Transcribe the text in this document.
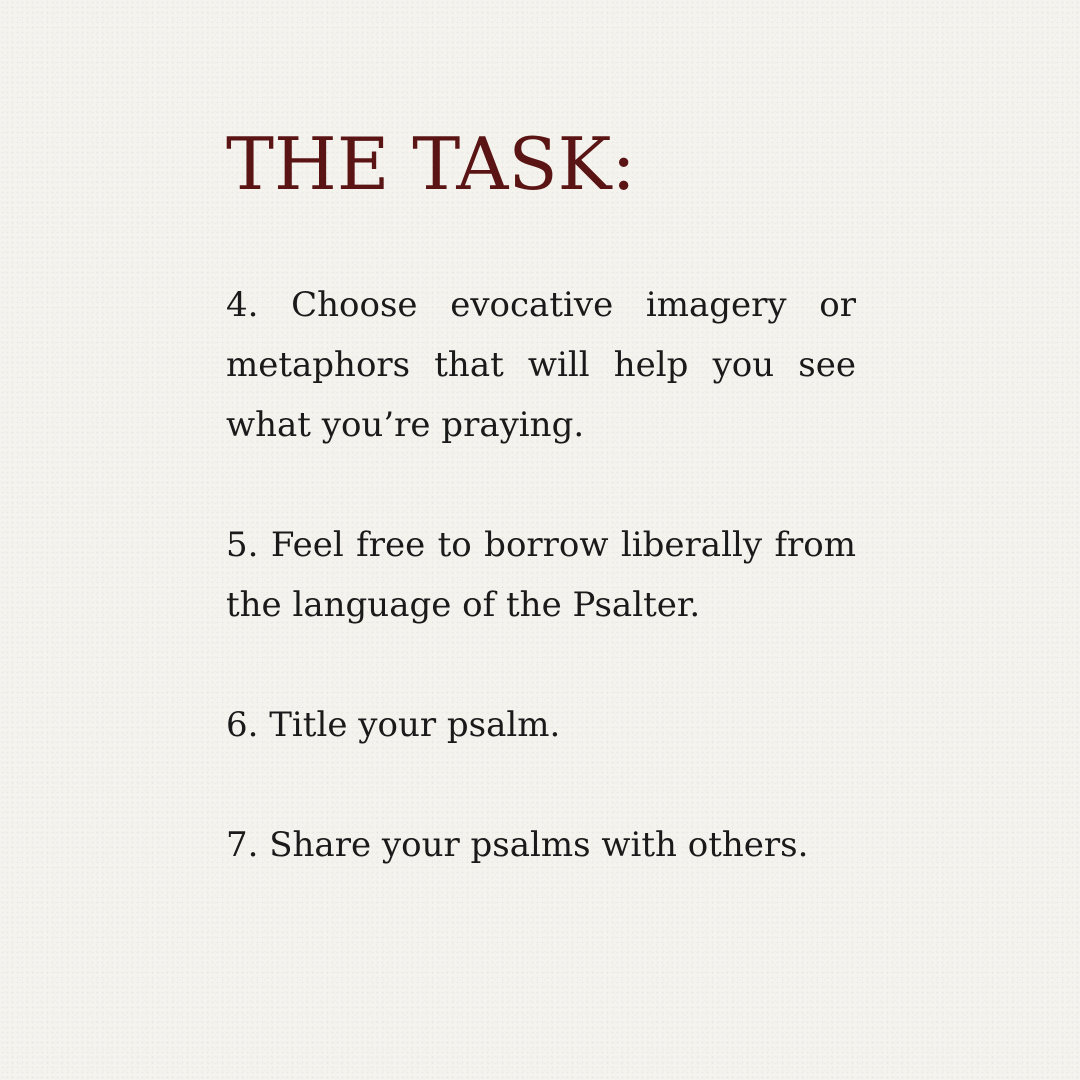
THE TASK:

4. Choose evocative imagery or metaphors that will help you see what you’re praying.

5. Feel free to borrow liberally from the language of the Psalter.

6. Title your psalm.

7. Share your psalms with others.
